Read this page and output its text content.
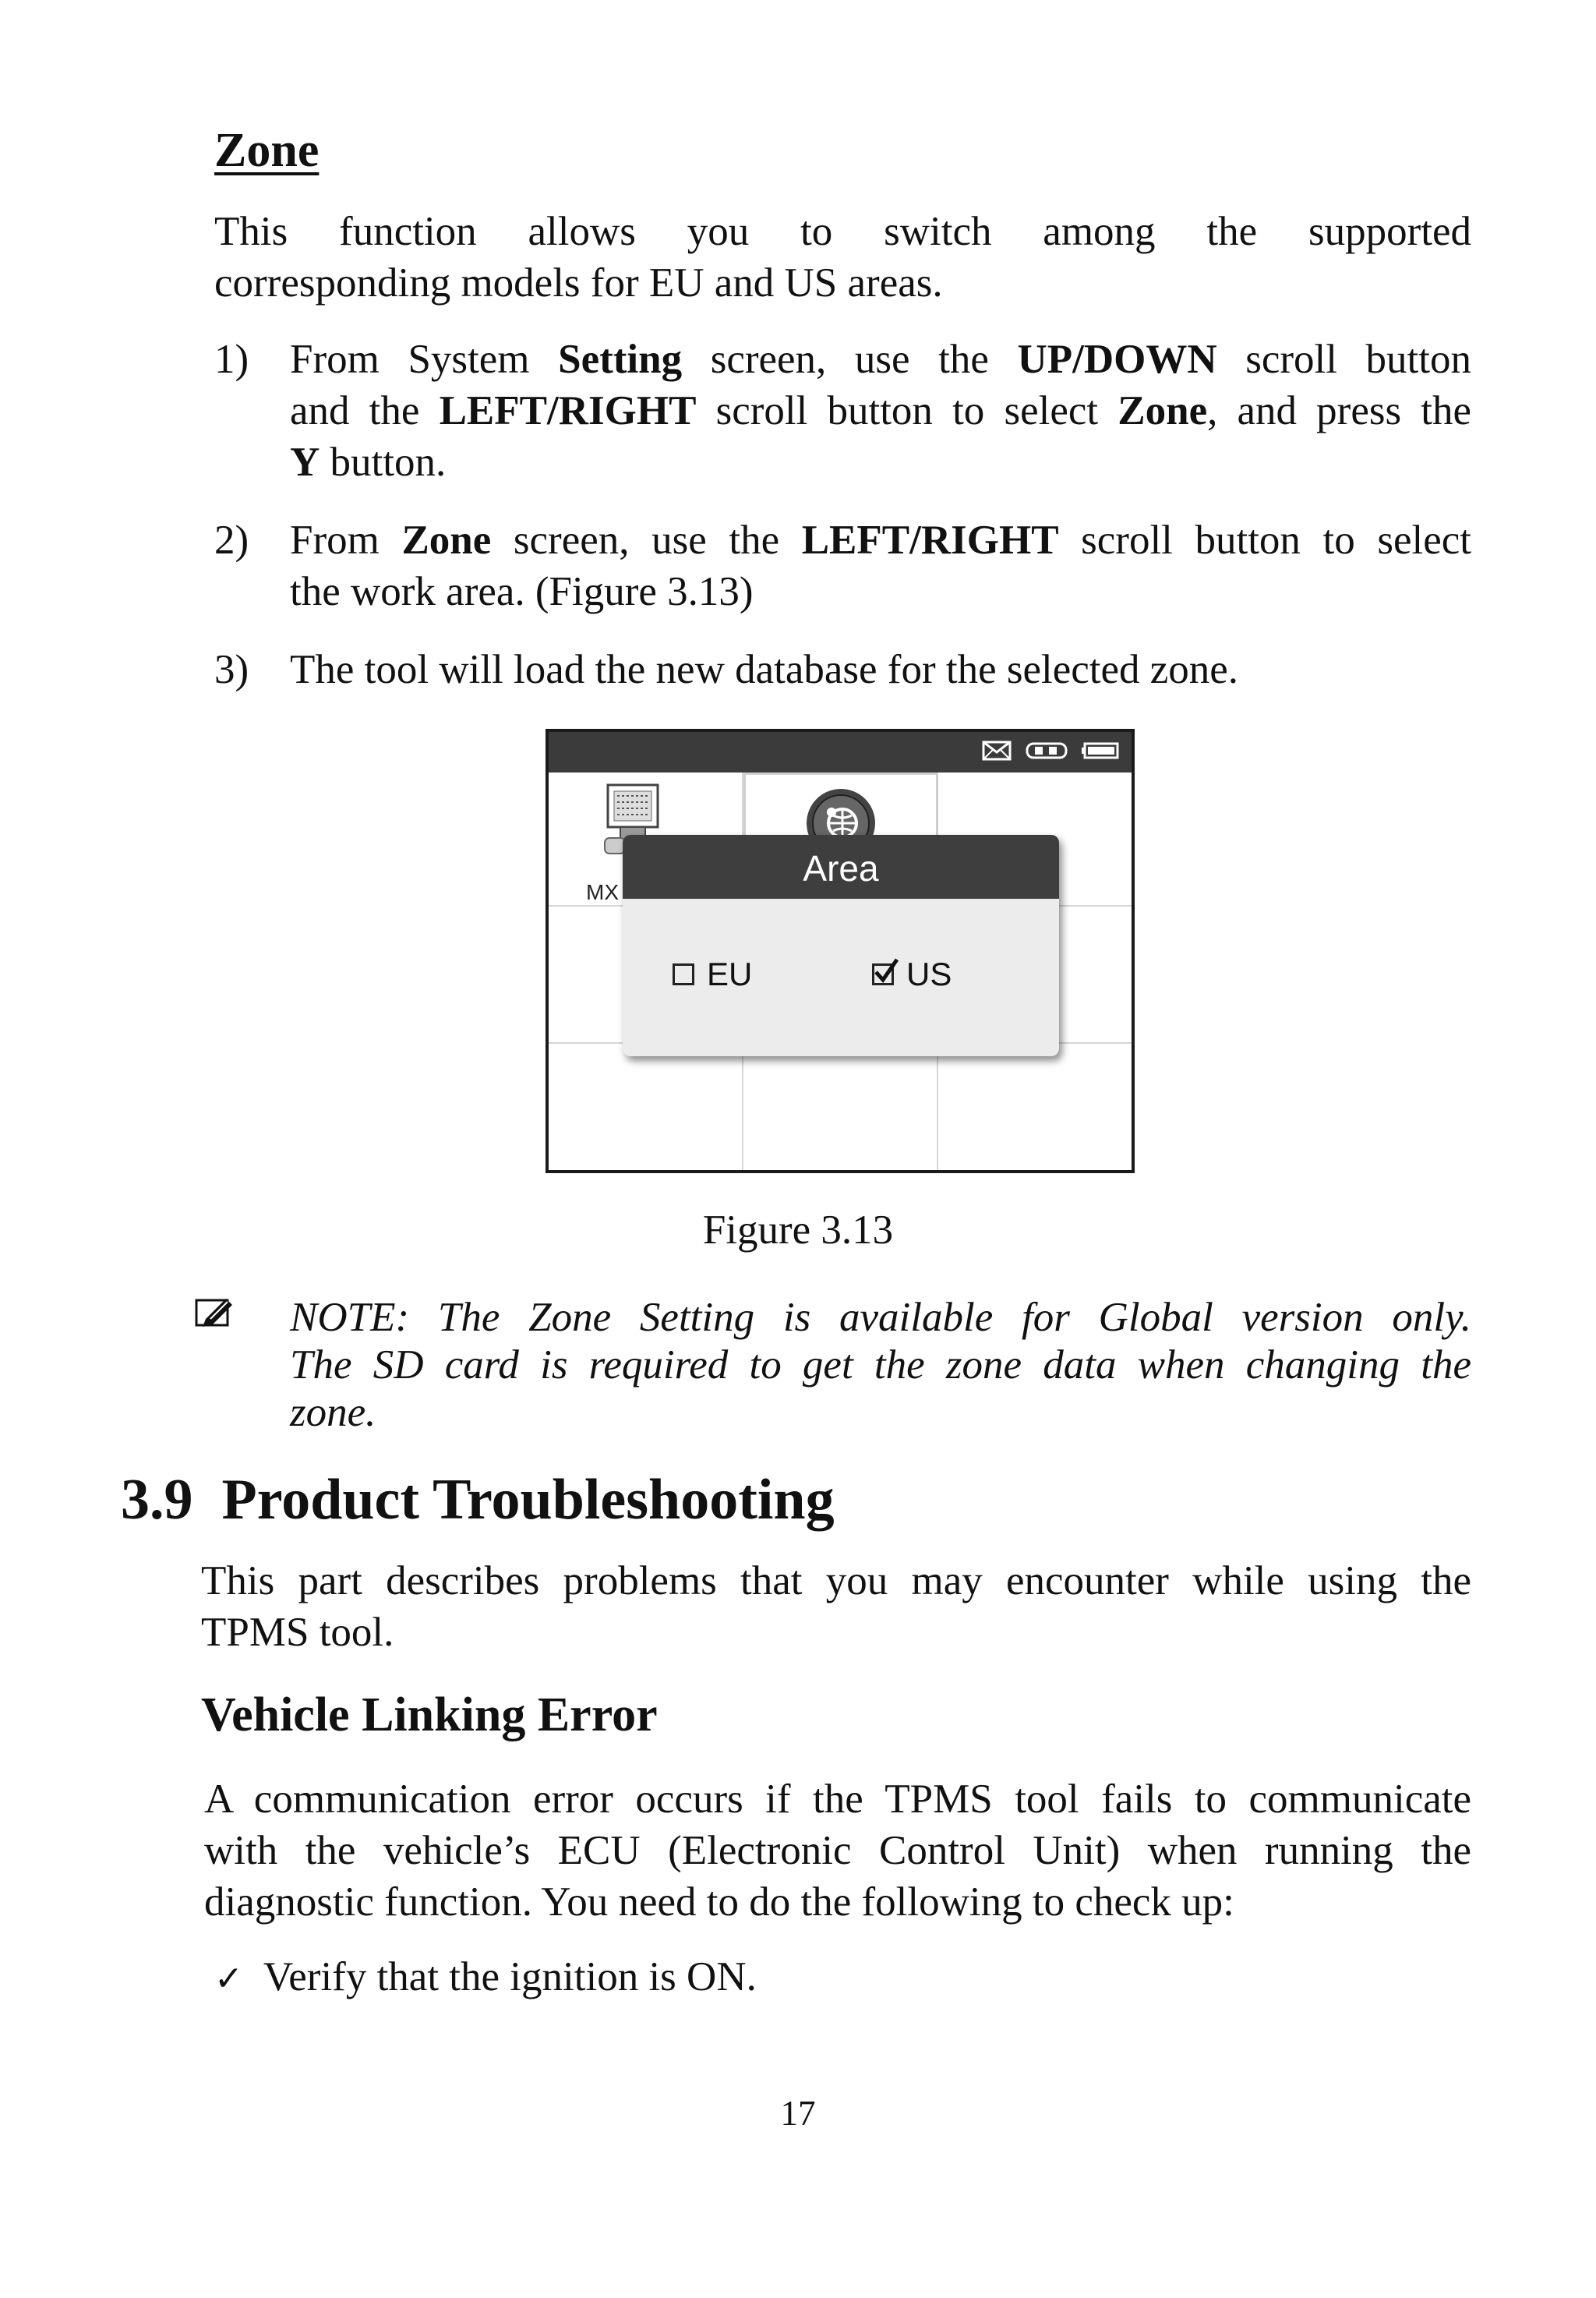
Zone
This function allows you to switch among the supported
corresponding models for EU and US areas.
1) From System Setting screen, use the UP/DOWN scroll button
and the LEFT/RIGHT scroll button to select Zone, and press the
Y button.
2) From Zone screen, use the LEFT/RIGHT scroll button to select
the work area. (Figure 3.13)
3) The tool will load the new database for the selected zone.
MX
Area
EU	US
Figure 3.13
NOTE: The Zone Setting is available for Global version only.
The SD card is required to get the zone data when changing the
zone.
3.9  Product Troubleshooting
This part describes problems that you may encounter while using the
TPMS tool.
Vehicle Linking Error
A communication error occurs if the TPMS tool fails to communicate
with the vehicle’s ECU (Electronic Control Unit) when running the
diagnostic function. You need to do the following to check up:
✓ Verify that the ignition is ON.
17
